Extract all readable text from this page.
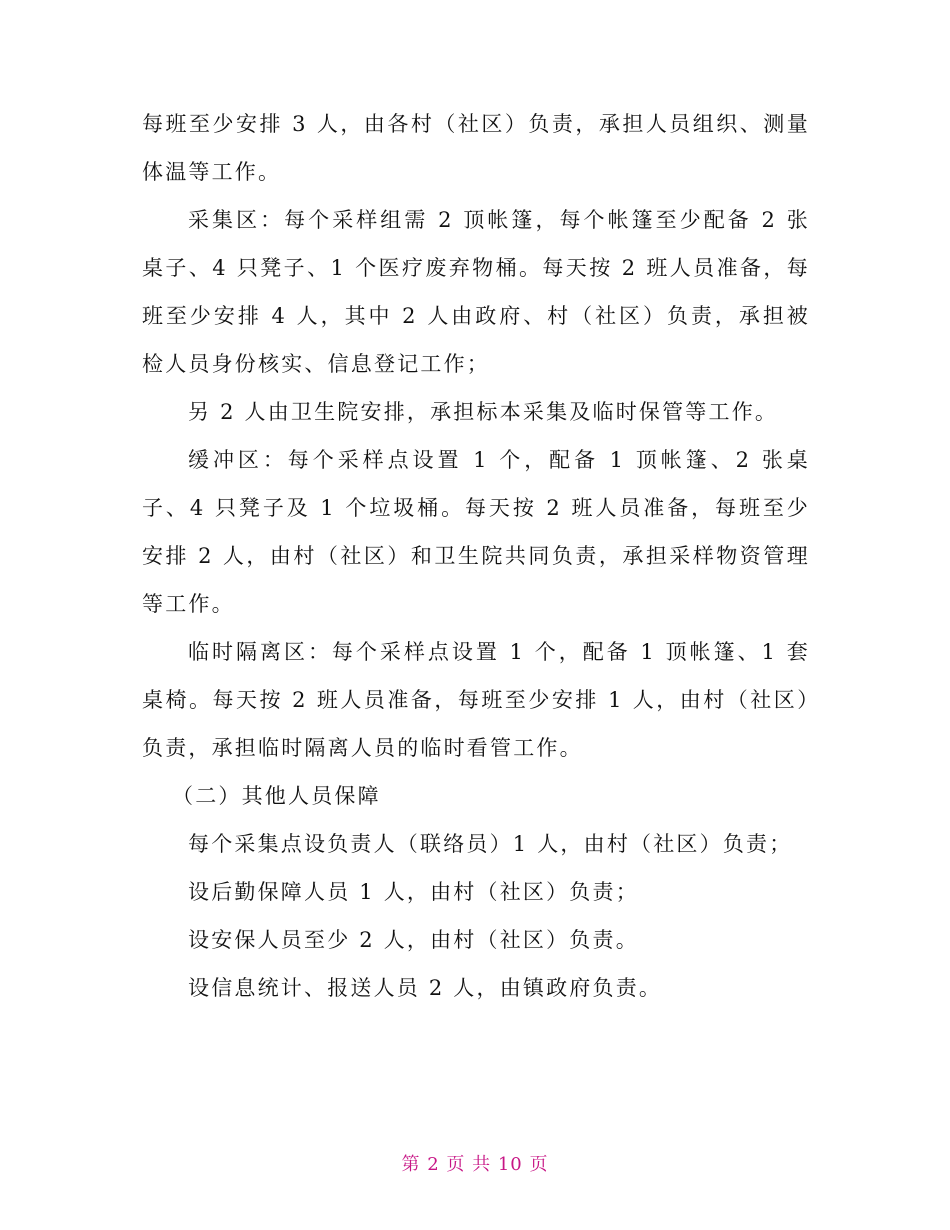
每班至少安排 3 人，由各村（社区）负责，承担人员组织、测量体温等工作。

采集区：每个采样组需 2 顶帐篷，每个帐篷至少配备 2 张桌子、4 只凳子、1 个医疗废弃物桶。每天按 2 班人员准备，每班至少安排 4 人，其中 2 人由政府、村（社区）负责，承担被检人员身份核实、信息登记工作；

另 2 人由卫生院安排，承担标本采集及临时保管等工作。

缓冲区：每个采样点设置 1 个，配备 1 顶帐篷、2 张桌子、4 只凳子及 1 个垃圾桶。每天按 2 班人员准备，每班至少安排 2 人，由村（社区）和卫生院共同负责，承担采样物资管理等工作。

临时隔离区：每个采样点设置 1 个，配备 1 顶帐篷、1 套桌椅。每天按 2 班人员准备，每班至少安排 1 人，由村（社区）负责，承担临时隔离人员的临时看管工作。

（二）其他人员保障

每个采集点设负责人（联络员）1 人，由村（社区）负责；

设后勤保障人员 1 人，由村（社区）负责；

设安保人员至少 2 人，由村（社区）负责。

设信息统计、报送人员 2 人，由镇政府负责。

第 2 页 共 10 页
